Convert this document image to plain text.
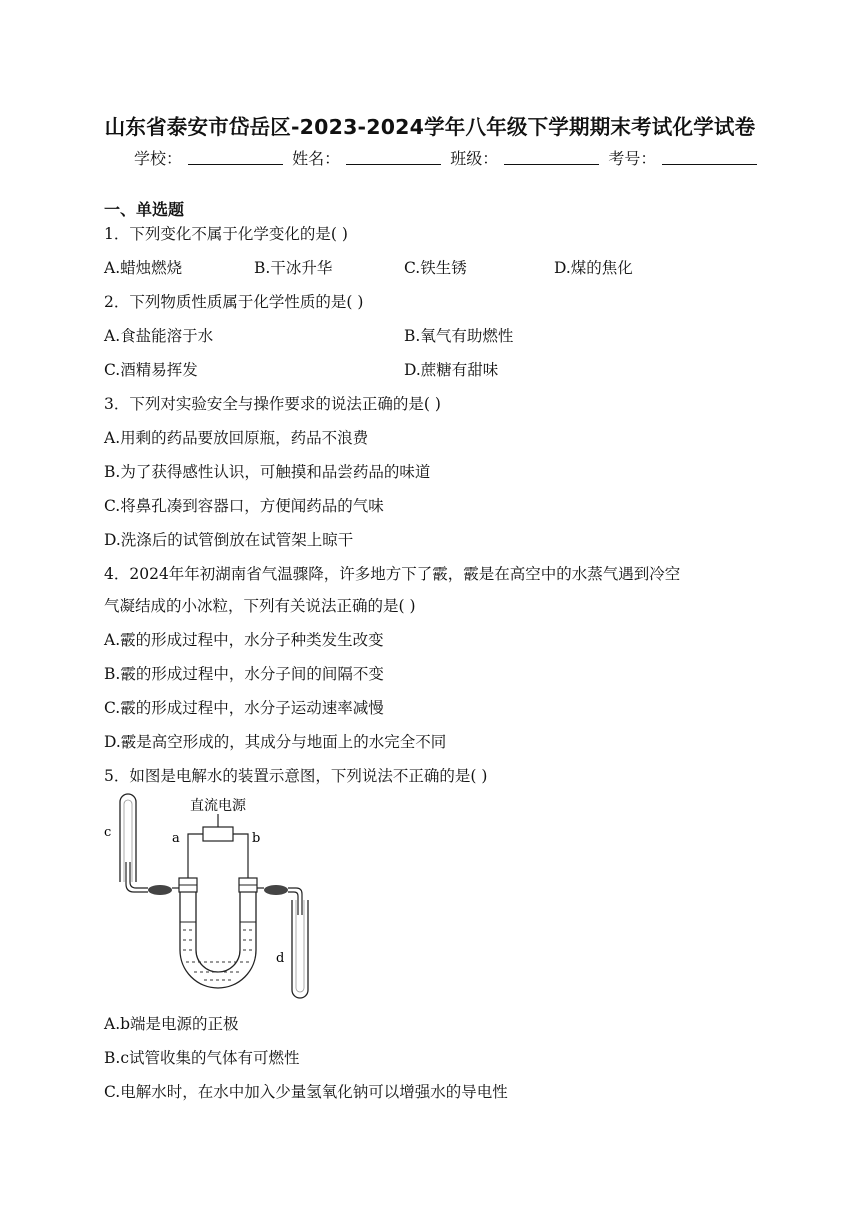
山东省泰安市岱岳区-2023-2024学年八年级下学期期末考试化学试卷
学校：	姓名：	班级：	考号：
一、单选题
1．下列变化不属于化学变化的是( )
A.蜡烛燃烧	B.干冰升华	C.铁生锈	D.煤的焦化
2．下列物质性质属于化学性质的是( )
A.食盐能溶于水	B.氧气有助燃性
C.酒精易挥发	D.蔗糖有甜味
3．下列对实验安全与操作要求的说法正确的是( )
A.用剩的药品要放回原瓶，药品不浪费
B.为了获得感性认识，可触摸和品尝药品的味道
C.将鼻孔凑到容器口，方便闻药品的气味
D.洗涤后的试管倒放在试管架上晾干
4．2024年年初湖南省气温骤降，许多地方下了霰，霰是在高空中的水蒸气遇到冷空
气凝结成的小冰粒，下列有关说法正确的是( )
A.霰的形成过程中，水分子种类发生改变
B.霰的形成过程中，水分子间的间隔不变
C.霰的形成过程中，水分子运动速率减慢
D.霰是高空形成的，其成分与地面上的水完全不同
5．如图是电解水的装置示意图，下列说法不正确的是( )
直流电源
a	b
c
d
A.b端是电源的正极
B.c试管收集的气体有可燃性
C.电解水时，在水中加入少量氢氧化钠可以增强水的导电性
